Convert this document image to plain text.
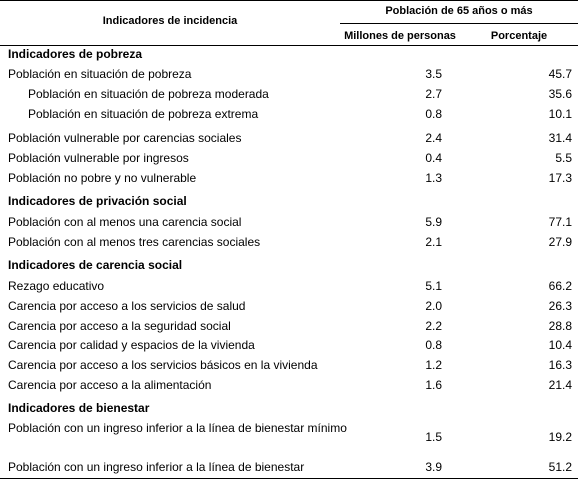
Indicadores de incidencia
Población de 65 años o más
Millones de personas	Porcentaje
Indicadores de pobreza
Población en situación de pobreza	3.5	45.7
Población en situación de pobreza moderada	2.7	35.6
Población en situación de pobreza extrema	0.8	10.1
Población vulnerable por carencias sociales	2.4	31.4
Población vulnerable por ingresos	0.4	5.5
Población no pobre y no vulnerable	1.3	17.3
Indicadores de privación social
Población con al menos una carencia social	5.9	77.1
Población con al menos tres carencias sociales	2.1	27.9
Indicadores de carencia social
Rezago educativo	5.1	66.2
Carencia por acceso a los servicios de salud	2.0	26.3
Carencia por acceso a la seguridad social	2.2	28.8
Carencia por calidad y espacios de la vivienda	0.8	10.4
Carencia por acceso a los servicios básicos en la vivienda	1.2	16.3
Carencia por acceso a la alimentación	1.6	21.4
Indicadores de bienestar
Población con un ingreso inferior a la línea de bienestar mínimo
1.5	19.2
Población con un ingreso inferior a la línea de bienestar	3.9	51.2
